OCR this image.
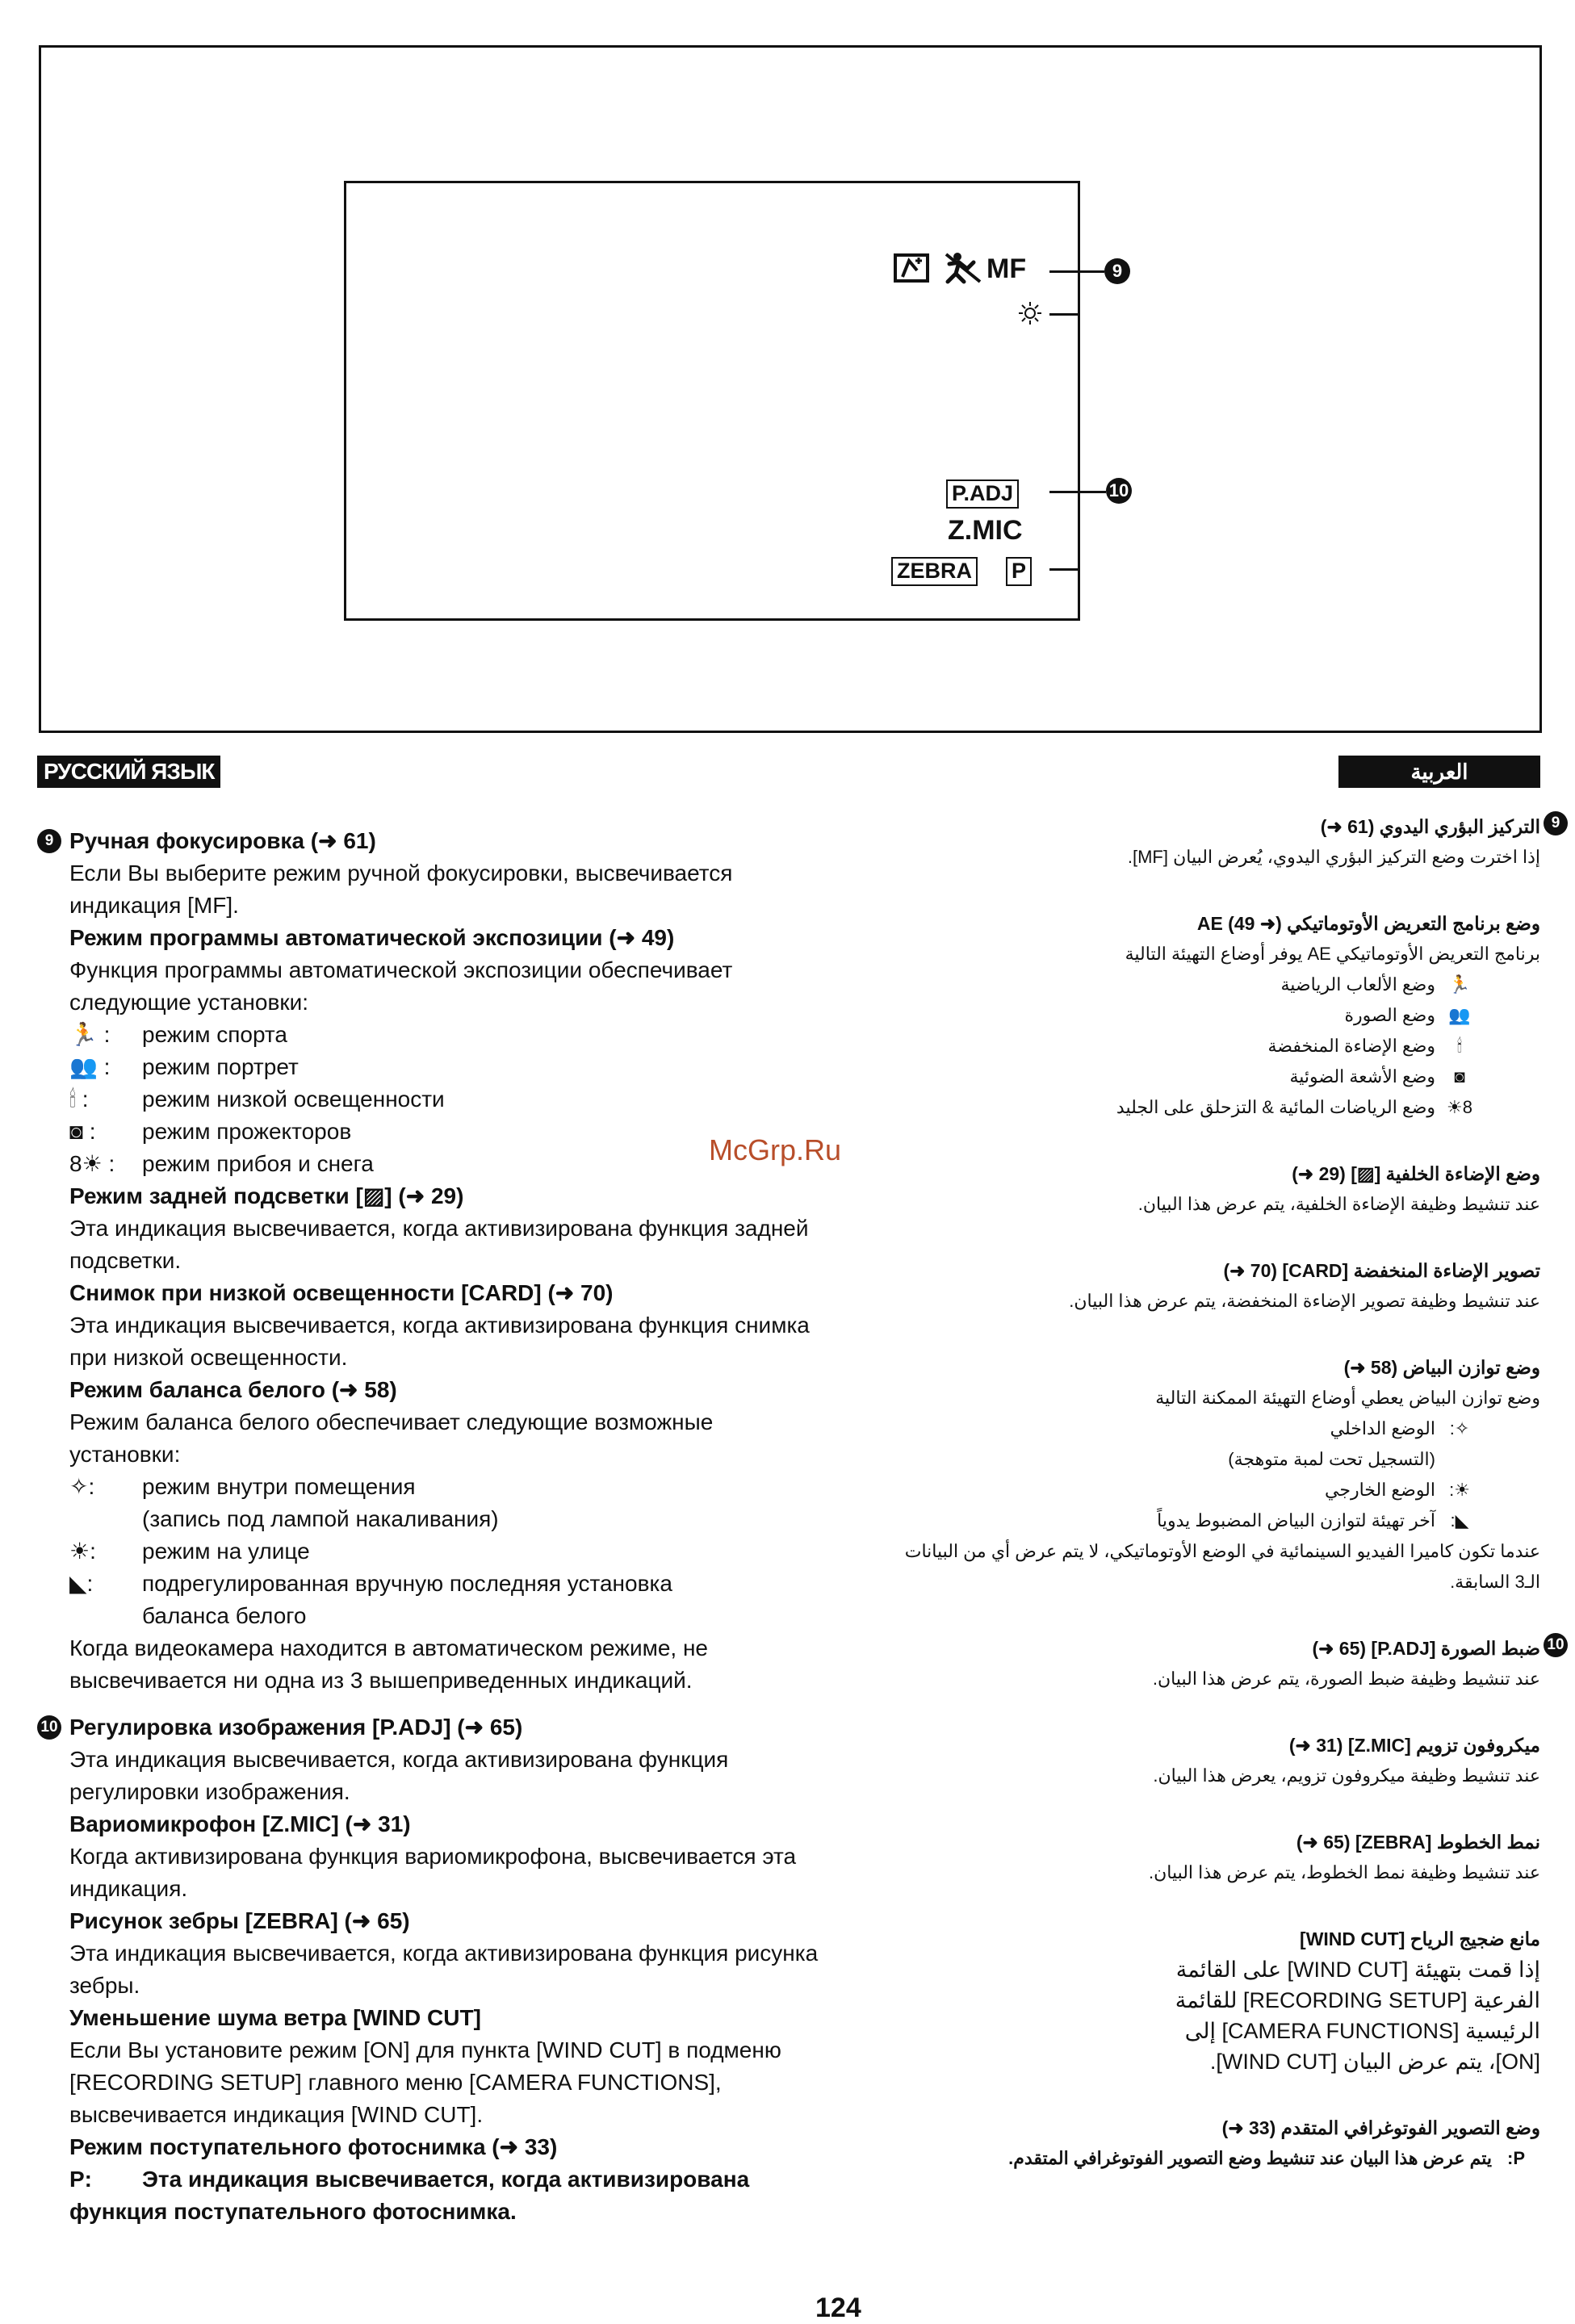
MF	9
P.ADJ
Z.MIC
ZEBRA P
10
РУССКИЙ ЯЗЫК	العربية
McGrp.Ru
9 Ручная фокусировка (➜ 61)

Если Вы выберите режим ручной фокусировки, высвечивается индикация [MF].

Режим программы автоматической экспозиции (➜ 49)

Функция программы автоматической экспозиции обеспечивает следующие установки:

🏃 : режим спорта

👥 : режим портрет

🕯 : режим низкой освещенности

◙ : режим прожекторов

8☀ : режим прибоя и снега

Режим задней подсветки [▨] (➜ 29)

Эта индикация высвечивается, когда активизирована функция задней подсветки.

Снимок при низкой освещенности [CARD] (➜ 70)

Эта индикация высвечивается, когда активизирована функция снимка при низкой освещенности.

Режим баланса белого (➜ 58)

Режим баланса белого обеспечивает следующие возможные установки:

✧: режим внутри помещения

(запись под лампой накаливания)

☀: режим на улице

◣: подрегулированная вручную последняя установка

баланса белого

Когда видеокамера находится в автоматическом режиме, не высвечивается ни одна из 3 вышеприведенных индикаций.

10 Регулировка изображения [P.ADJ] (➜ 65)

Эта индикация высвечивается, когда активизирована функция регулировки изображения.

Вариомикрофон [Z.MIC] (➜ 31)

Когда активизирована функция вариомикрофона, высвечивается эта индикация.

Рисунок зебры [ZEBRA] (➜ 65)

Эта индикация высвечивается, когда активизирована функция рисунка зебры.

Уменьшение шума ветра [WIND CUT]

Если Вы установите режим [ON] для пункта [WIND CUT] в подменю [RECORDING SETUP] главного меню [CAMERA FUNCTIONS], высвечивается индикация [WIND CUT].

Режим поступательного фотоснимка (➜ 33)

P: Эта индикация высвечивается, когда активизирована функция поступательного фотоснимка.

9

التركيز البؤري اليدوي (61 ➜)

إذا اخترت وضع التركيز البؤري اليدوي، يُعرض البيان [MF].

وضع برنامج التعريض الأوتوماتيكي AE (49 ➜)

برنامج التعريض الأوتوماتيكي AE يوفر أوضاع التهيئة التالية

🏃وضع الألعاب الرياضية

👥وضع الصورة

🕯وضع الإضاءة المنخفضة

◙وضع الأشعة الضوئية

8☀وضع الرياضات المائية & التزحلق على الجليد

وضع الإضاءة الخلفية [▨] (29 ➜)

عند تنشيط وظيفة الإضاءة الخلفية، يتم عرض هذا البيان.

تصوير الإضاءة المنخفضة [CARD] (70 ➜)

عند تنشيط وظيفة تصوير الإضاءة المنخفضة، يتم عرض هذا البيان.

وضع توازن البياض (58 ➜)

وضع توازن البياض يعطي أوضاع التهيئة الممكنة التالية

✧:الوضع الداخلي

(التسجيل تحت لمبة متوهجة)

☀:الوضع الخارجي

◣:آخر تهيئة لتوازن البياض المضبوط يدوياً

عندما تكون كاميرا الفيديو السينمائية في الوضع الأوتوماتيكي، لا يتم عرض أي من البيانات الـ3 السابقة.

10

ضبط الصورة [P.ADJ] (65 ➜)

عند تنشيط وظيفة ضبط الصورة، يتم عرض هذا البيان.

ميكروفون تزويم [Z.MIC] (31 ➜)

عند تنشيط وظيفة ميكروفون تزويم، يعرض هذا البيان.

نمط الخطوط [ZEBRA] (65 ➜)

عند تنشيط وظيفة نمط الخطوط، يتم عرض هذا البيان.

مانع ضجيج الرياح [WIND CUT]

إذا قمت بتهيئة [WIND CUT] على القائمة الفرعية [RECORDING SETUP] للقائمة الرئيسية [CAMERA FUNCTIONS] إلى [ON]، يتم عرض البيان [WIND CUT].

وضع التصوير الفوتوغرافي المتقدم (33 ➜)

P:يتم عرض هذا البيان عند تنشيط وضع التصوير الفوتوغرافي المتقدم.

124
